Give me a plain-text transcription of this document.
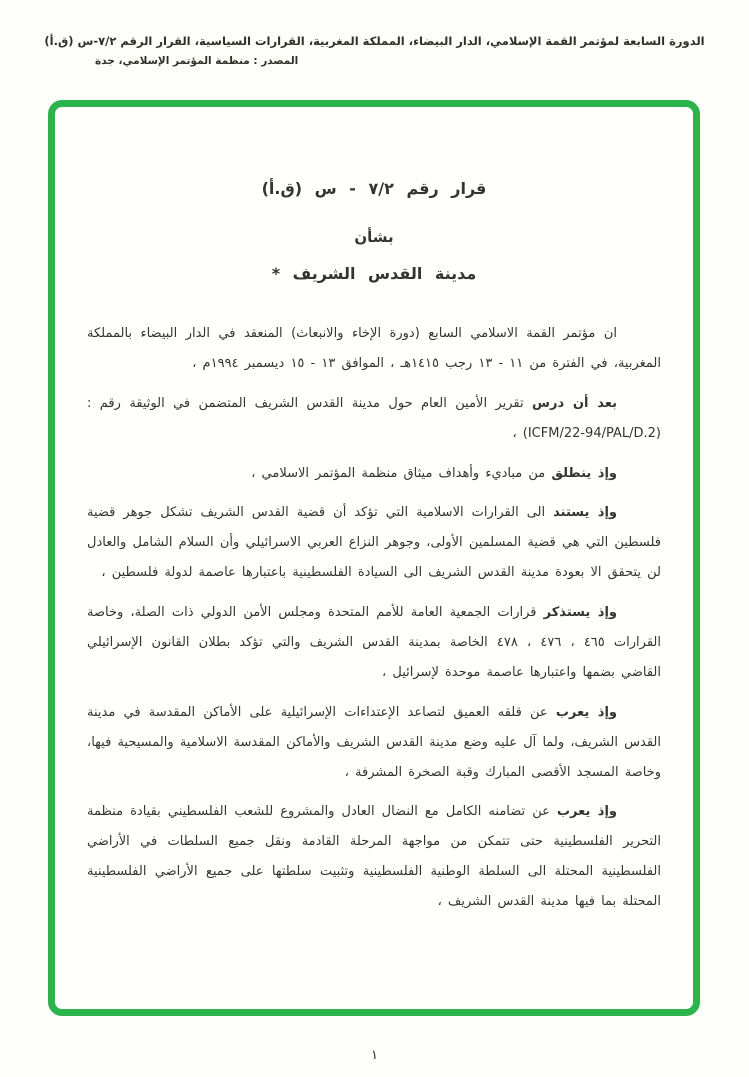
الدورة السابعة لمؤتمر القمة الإسلامي، الدار البيضاء، المملكة المغربية، القرارات السياسية، القرار الرقم ٧/٢-س (ق.أ)
المصدر : منظمة المؤتمر الإسلامي، جدة
قرار رقم ٧/٢ - س (ق.أ)
بشأن
مدينة القدس الشريف *

ان مؤتمر القمة الاسلامي السابع (دورة الإخاء والانبعاث) المنعقد في الدار البيضاء بالمملكة المغربية، في الفترة من ١١ - ١٣ رجب ١٤١٥هـ ، الموافق ١٣ - ١٥ ديسمبر ١٩٩٤م ،

بعد أن درس تقرير الأمين العام حول مدينة القدس الشريف المتضمن في الوثيقة رقم : (ICFM/22-94/PAL/D.2) ،

وإذ ينطلق من مباديء وأهداف ميثاق منظمة المؤتمر الاسلامي ،

وإذ يستند الى القرارات الاسلامية التي تؤكد أن قضية القدس الشريف تشكل جوهر قضية فلسطين التي هي قضية المسلمين الأولى، وجوهر النزاع العربي الاسرائيلي وأن السلام الشامل والعادل لن يتحقق الا بعودة مدينة القدس الشريف الى السيادة الفلسطينية باعتبارها عاصمة لدولة فلسطين ،

وإذ يستذكر قرارات الجمعية العامة للأمم المتحدة ومجلس الأمن الدولي ذات الصلة، وخاصة القرارات ٤٦٥ ، ٤٧٦ ، ٤٧٨ الخاصة بمدينة القدس الشريف والتي تؤكد بطلان القانون الإسرائيلي القاضي بضمها واعتبارها عاصمة موحدة لإسرائيل ،

وإذ يعرب عن قلقه العميق لتصاعد الإعتداءات الإسرائيلية على الأماكن المقدسة في مدينة القدس الشريف، ولما آل عليه وضع مدينة القدس الشريف والأماكن المقدسة الاسلامية والمسيحية فيها، وخاصة المسجد الأقصى المبارك وقبة الصخرة المشرفة ،

وإذ يعرب عن تضامنه الكامل مع النضال العادل والمشروع للشعب الفلسطيني بقيادة منظمة التحرير الفلسطينية حتى تتمكن من مواجهة المرحلة القادمة ونقل جميع السلطات في الأراضي الفلسطينية المحتلة الى السلطة الوطنية الفلسطينية وتثبيت سلطتها على جميع الأراضي الفلسطينية المحتلة بما فيها مدينة القدس الشريف ،

١
